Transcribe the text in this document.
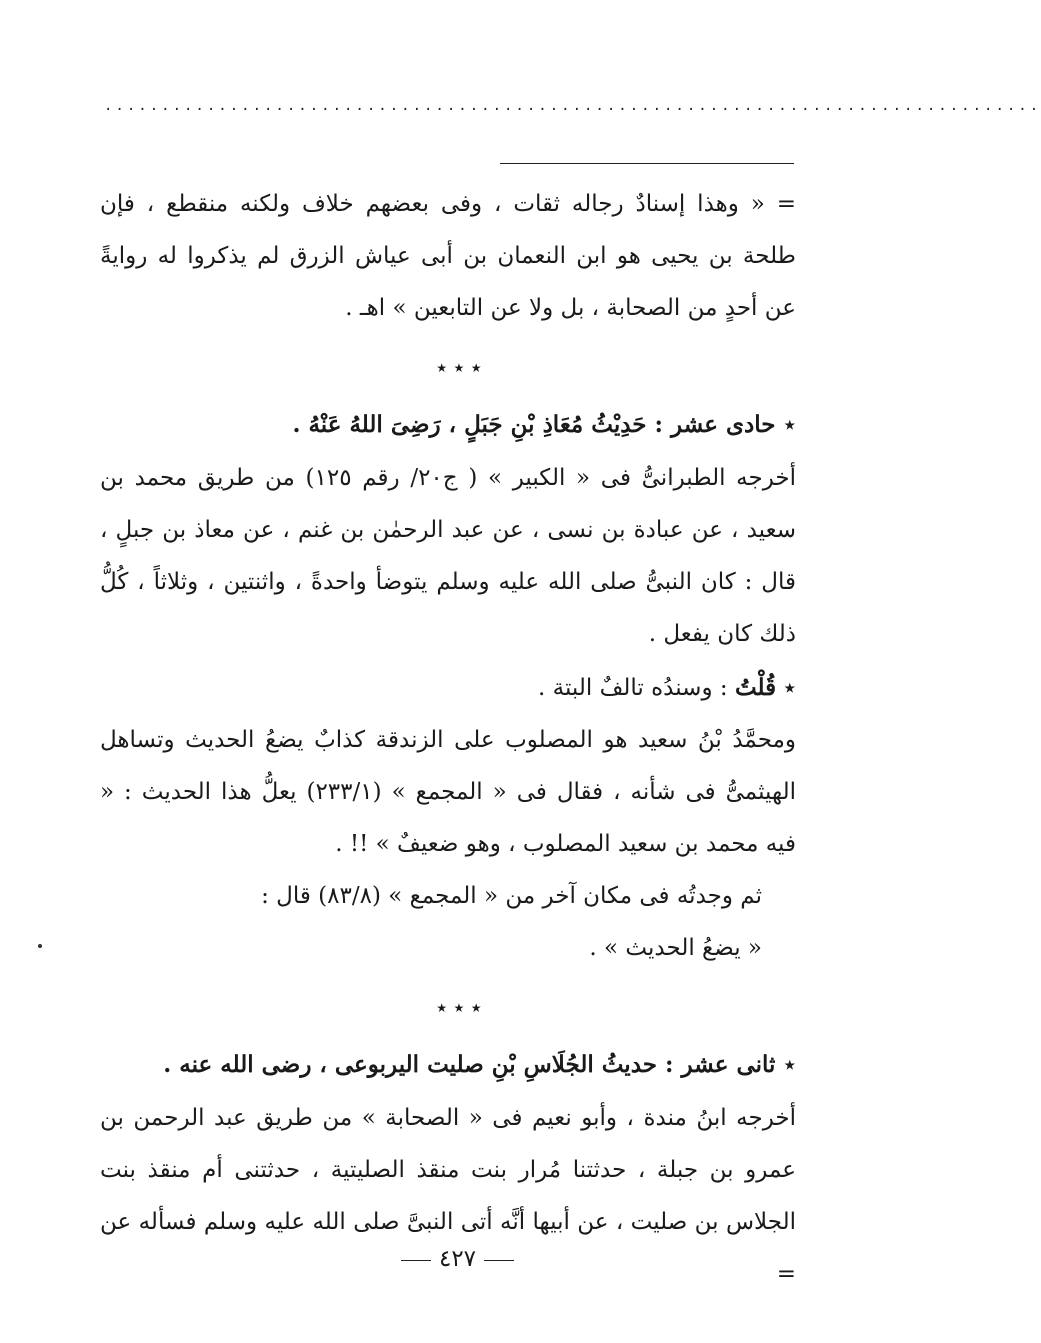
..................................................................................

= « وهذا إسنادٌ رجاله ثقات ، وفى بعضهم خلاف ولكنه منقطع ، فإن طلحة بن يحيى هو ابن النعمان بن أبى عياش الزرق لم يذكروا له روايةً عن أحدٍ من الصحابة ، بل ولا عن التابعين » اهـ .

٭ ٭ ٭

٭ حادى عشر : حَدِيْثُ مُعَاذِ بْنِ جَبَلٍ ، رَضِىَ اللهُ عَنْهُ .

أخرجه الطبرانىُّ فى « الكبير » ( ج٢٠/ رقم ١٢٥) من طريق محمد بن سعيد ، عن عبادة بن نسى ، عن عبد الرحمٰن بن غنم ، عن معاذ بن جبلٍ ، قال : كان النبىُّ صلى الله عليه وسلم يتوضأ واحدةً ، واثنتين ، وثلاثاً ، كُلُّ ذلك كان يفعل .

٭ قُلْتُ : وسندُه تالفٌ البتة .

ومحمَّدُ بْنُ سعيد هو المصلوب على الزندقة كذابٌ يضعُ الحديث وتساهل الهيثمىُّ فى شأنه ، فقال فى « المجمع » (٢٣٣/١) يعلُّ هذا الحديث : « فيه محمد بن سعيد المصلوب ، وهو ضعيفٌ » !! .

ثم وجدتُه فى مكان آخر من « المجمع » (٨٣/٨) قال :

« يضعُ الحديث » .

٭ ٭ ٭

٭ ثانى عشر : حديثُ الجُلَاسِ بْنِ صليت اليربوعى ، رضى الله عنه .

أخرجه ابنُ مندة ، وأبو نعيم فى « الصحابة » من طريق عبد الرحمن بن عمرو بن جبلة ، حدثتنا مُرار بنت منقذ الصليتية ، حدثتنى أم منقذ بنت الجلاس بن صليت ، عن أبيها أنَّه أتى النبىَّ صلى الله عليه وسلم فسأله عن =

٤٢٧
